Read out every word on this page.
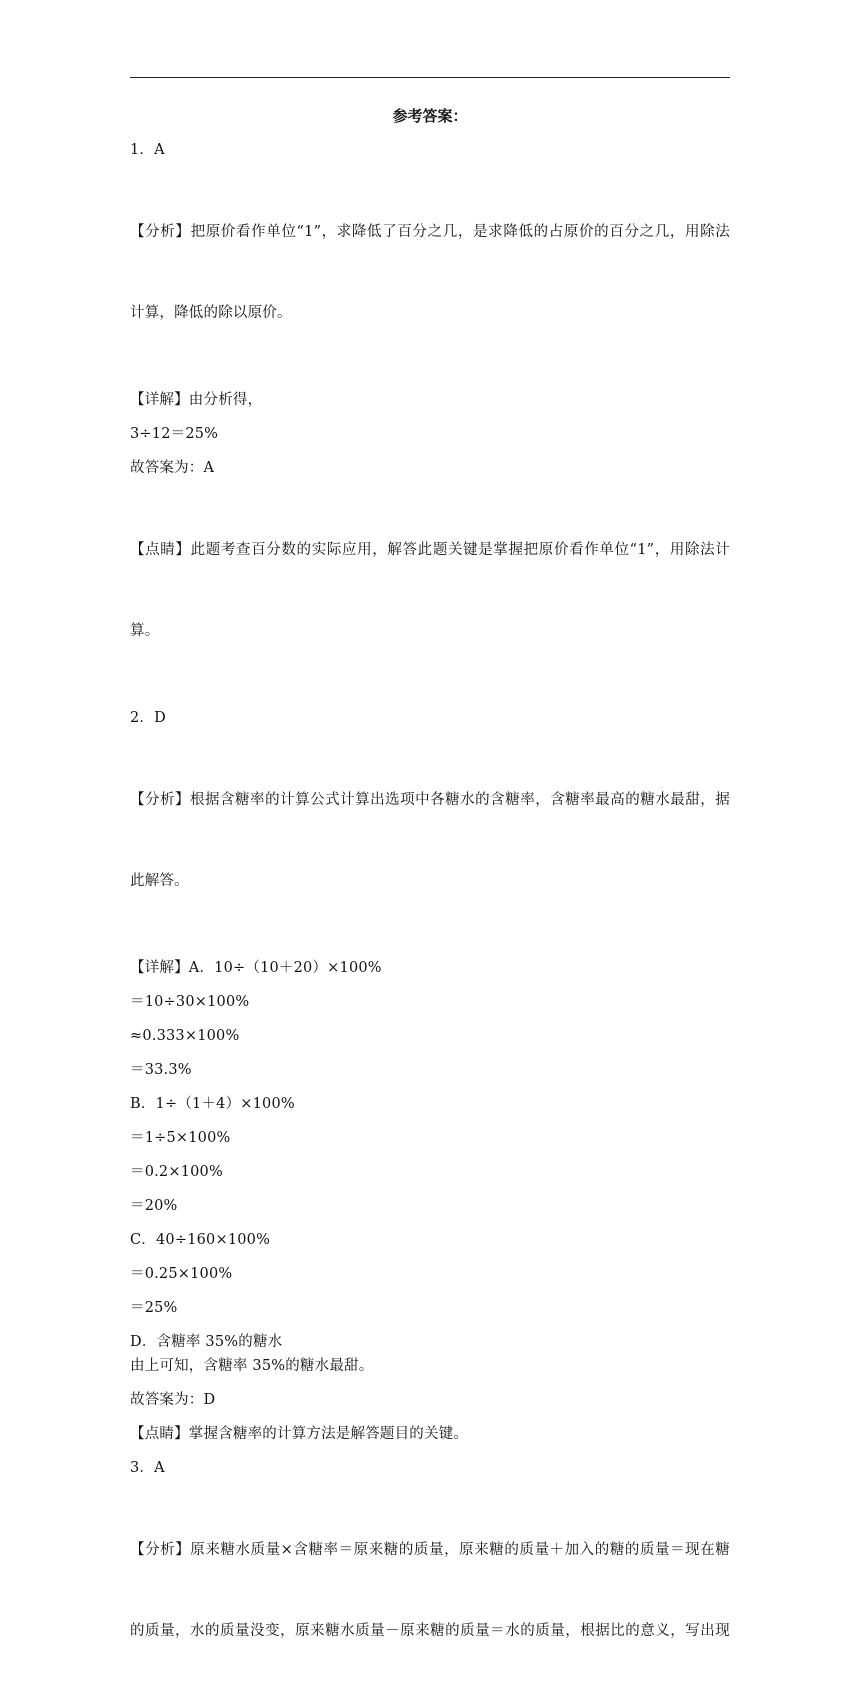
参考答案：
1．A

【分析】把原价看作单位“1”，求降低了百分之几，是求降低的占原价的百分之几，用除法

计算，降低的除以原价。

【详解】由分析得，
3÷12＝25%
故答案为：A

【点睛】此题考查百分数的实际应用，解答此题关键是掌握把原价看作单位“1”，用除法计

算。

2．D

【分析】根据含糖率的计算公式计算出选项中各糖水的含糖率，含糖率最高的糖水最甜，据

此解答。

【详解】A．10÷（10＋20）×100%
＝10÷30×100%
≈0.333×100%
＝33.3%
B．1÷（1＋4）×100%
＝1÷5×100%
＝0.2×100%
＝20%
C．40÷160×100%
＝0.25×100%
＝25%
D．含糖率 35%的糖水
由上可知，含糖率 35%的糖水最甜。
故答案为：D
【点睛】掌握含糖率的计算方法是解答题目的关键。
3．A

【分析】原来糖水质量×含糖率＝原来糖的质量，原来糖的质量＋加入的糖的质量＝现在糖

的质量，水的质量没变，原来糖水质量－原来糖的质量＝水的质量，根据比的意义，写出现
